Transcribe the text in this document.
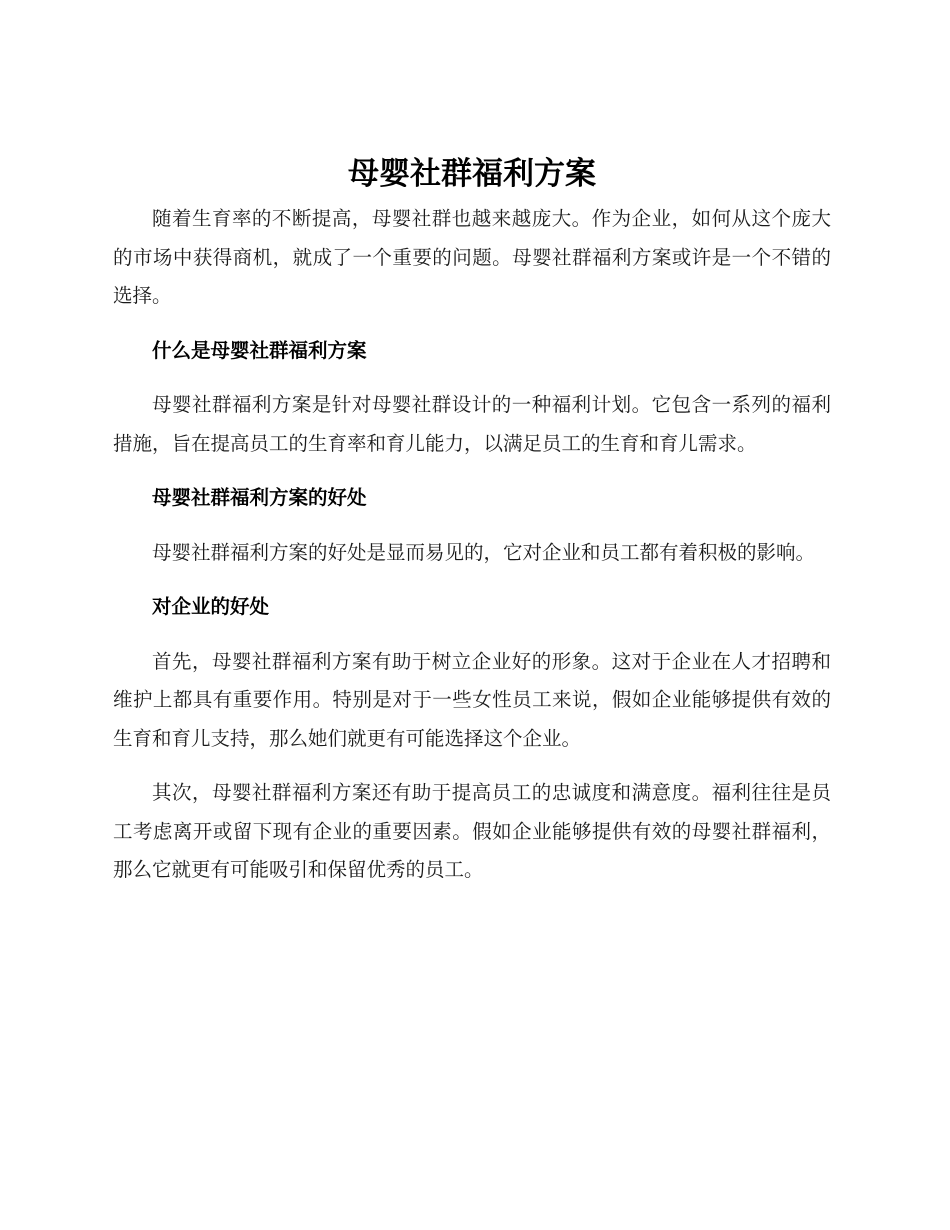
母婴社群福利方案

随着生育率的不断提高，母婴社群也越来越庞大。作为企业，如何从这个庞大的市场中获得商机，就成了一个重要的问题。母婴社群福利方案或许是一个不错的选择。

什么是母婴社群福利方案

母婴社群福利方案是针对母婴社群设计的一种福利计划。它包含一系列的福利措施，旨在提高员工的生育率和育儿能力，以满足员工的生育和育儿需求。

母婴社群福利方案的好处

母婴社群福利方案的好处是显而易见的，它对企业和员工都有着积极的影响。

对企业的好处

首先，母婴社群福利方案有助于树立企业好的形象。这对于企业在人才招聘和维护上都具有重要作用。特别是对于一些女性员工来说，假如企业能够提供有效的生育和育儿支持，那么她们就更有可能选择这个企业。

其次，母婴社群福利方案还有助于提高员工的忠诚度和满意度。福利往往是员工考虑离开或留下现有企业的重要因素。假如企业能够提供有效的母婴社群福利，那么它就更有可能吸引和保留优秀的员工。
